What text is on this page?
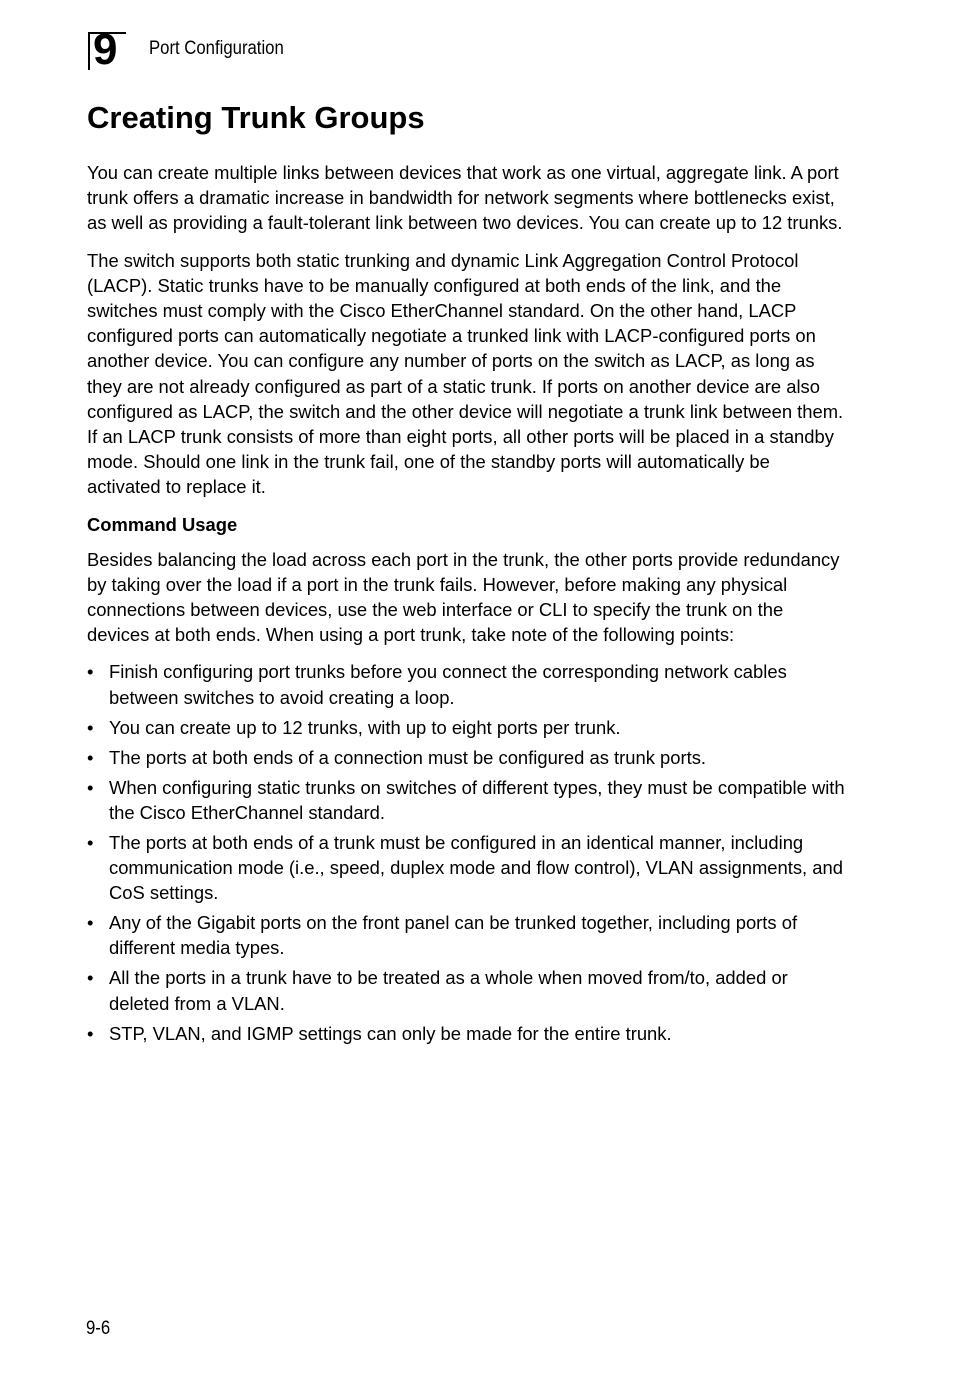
9 Port Configuration
Creating Trunk Groups

You can create multiple links between devices that work as one virtual, aggregate link. A port trunk offers a dramatic increase in bandwidth for network segments where bottlenecks exist, as well as providing a fault-tolerant link between two devices. You can create up to 12 trunks.

The switch supports both static trunking and dynamic Link Aggregation Control Protocol (LACP). Static trunks have to be manually configured at both ends of the link, and the switches must comply with the Cisco EtherChannel standard. On the other hand, LACP configured ports can automatically negotiate a trunked link with LACP-configured ports on another device. You can configure any number of ports on the switch as LACP, as long as they are not already configured as part of a static trunk. If ports on another device are also configured as LACP, the switch and the other device will negotiate a trunk link between them. If an LACP trunk consists of more than eight ports, all other ports will be placed in a standby mode. Should one link in the trunk fail, one of the standby ports will automatically be activated to replace it.

Command Usage

Besides balancing the load across each port in the trunk, the other ports provide redundancy by taking over the load if a port in the trunk fails. However, before making any physical connections between devices, use the web interface or CLI to specify the trunk on the devices at both ends. When using a port trunk, take note of the following points:

• Finish configuring port trunks before you connect the corresponding network cables between switches to avoid creating a loop.
• You can create up to 12 trunks, with up to eight ports per trunk.
• The ports at both ends of a connection must be configured as trunk ports.
• When configuring static trunks on switches of different types, they must be compatible with the Cisco EtherChannel standard.
• The ports at both ends of a trunk must be configured in an identical manner, including communication mode (i.e., speed, duplex mode and flow control), VLAN assignments, and CoS settings.
• Any of the Gigabit ports on the front panel can be trunked together, including ports of different media types.
• All the ports in a trunk have to be treated as a whole when moved from/to, added or deleted from a VLAN.
• STP, VLAN, and IGMP settings can only be made for the entire trunk.
9-6
